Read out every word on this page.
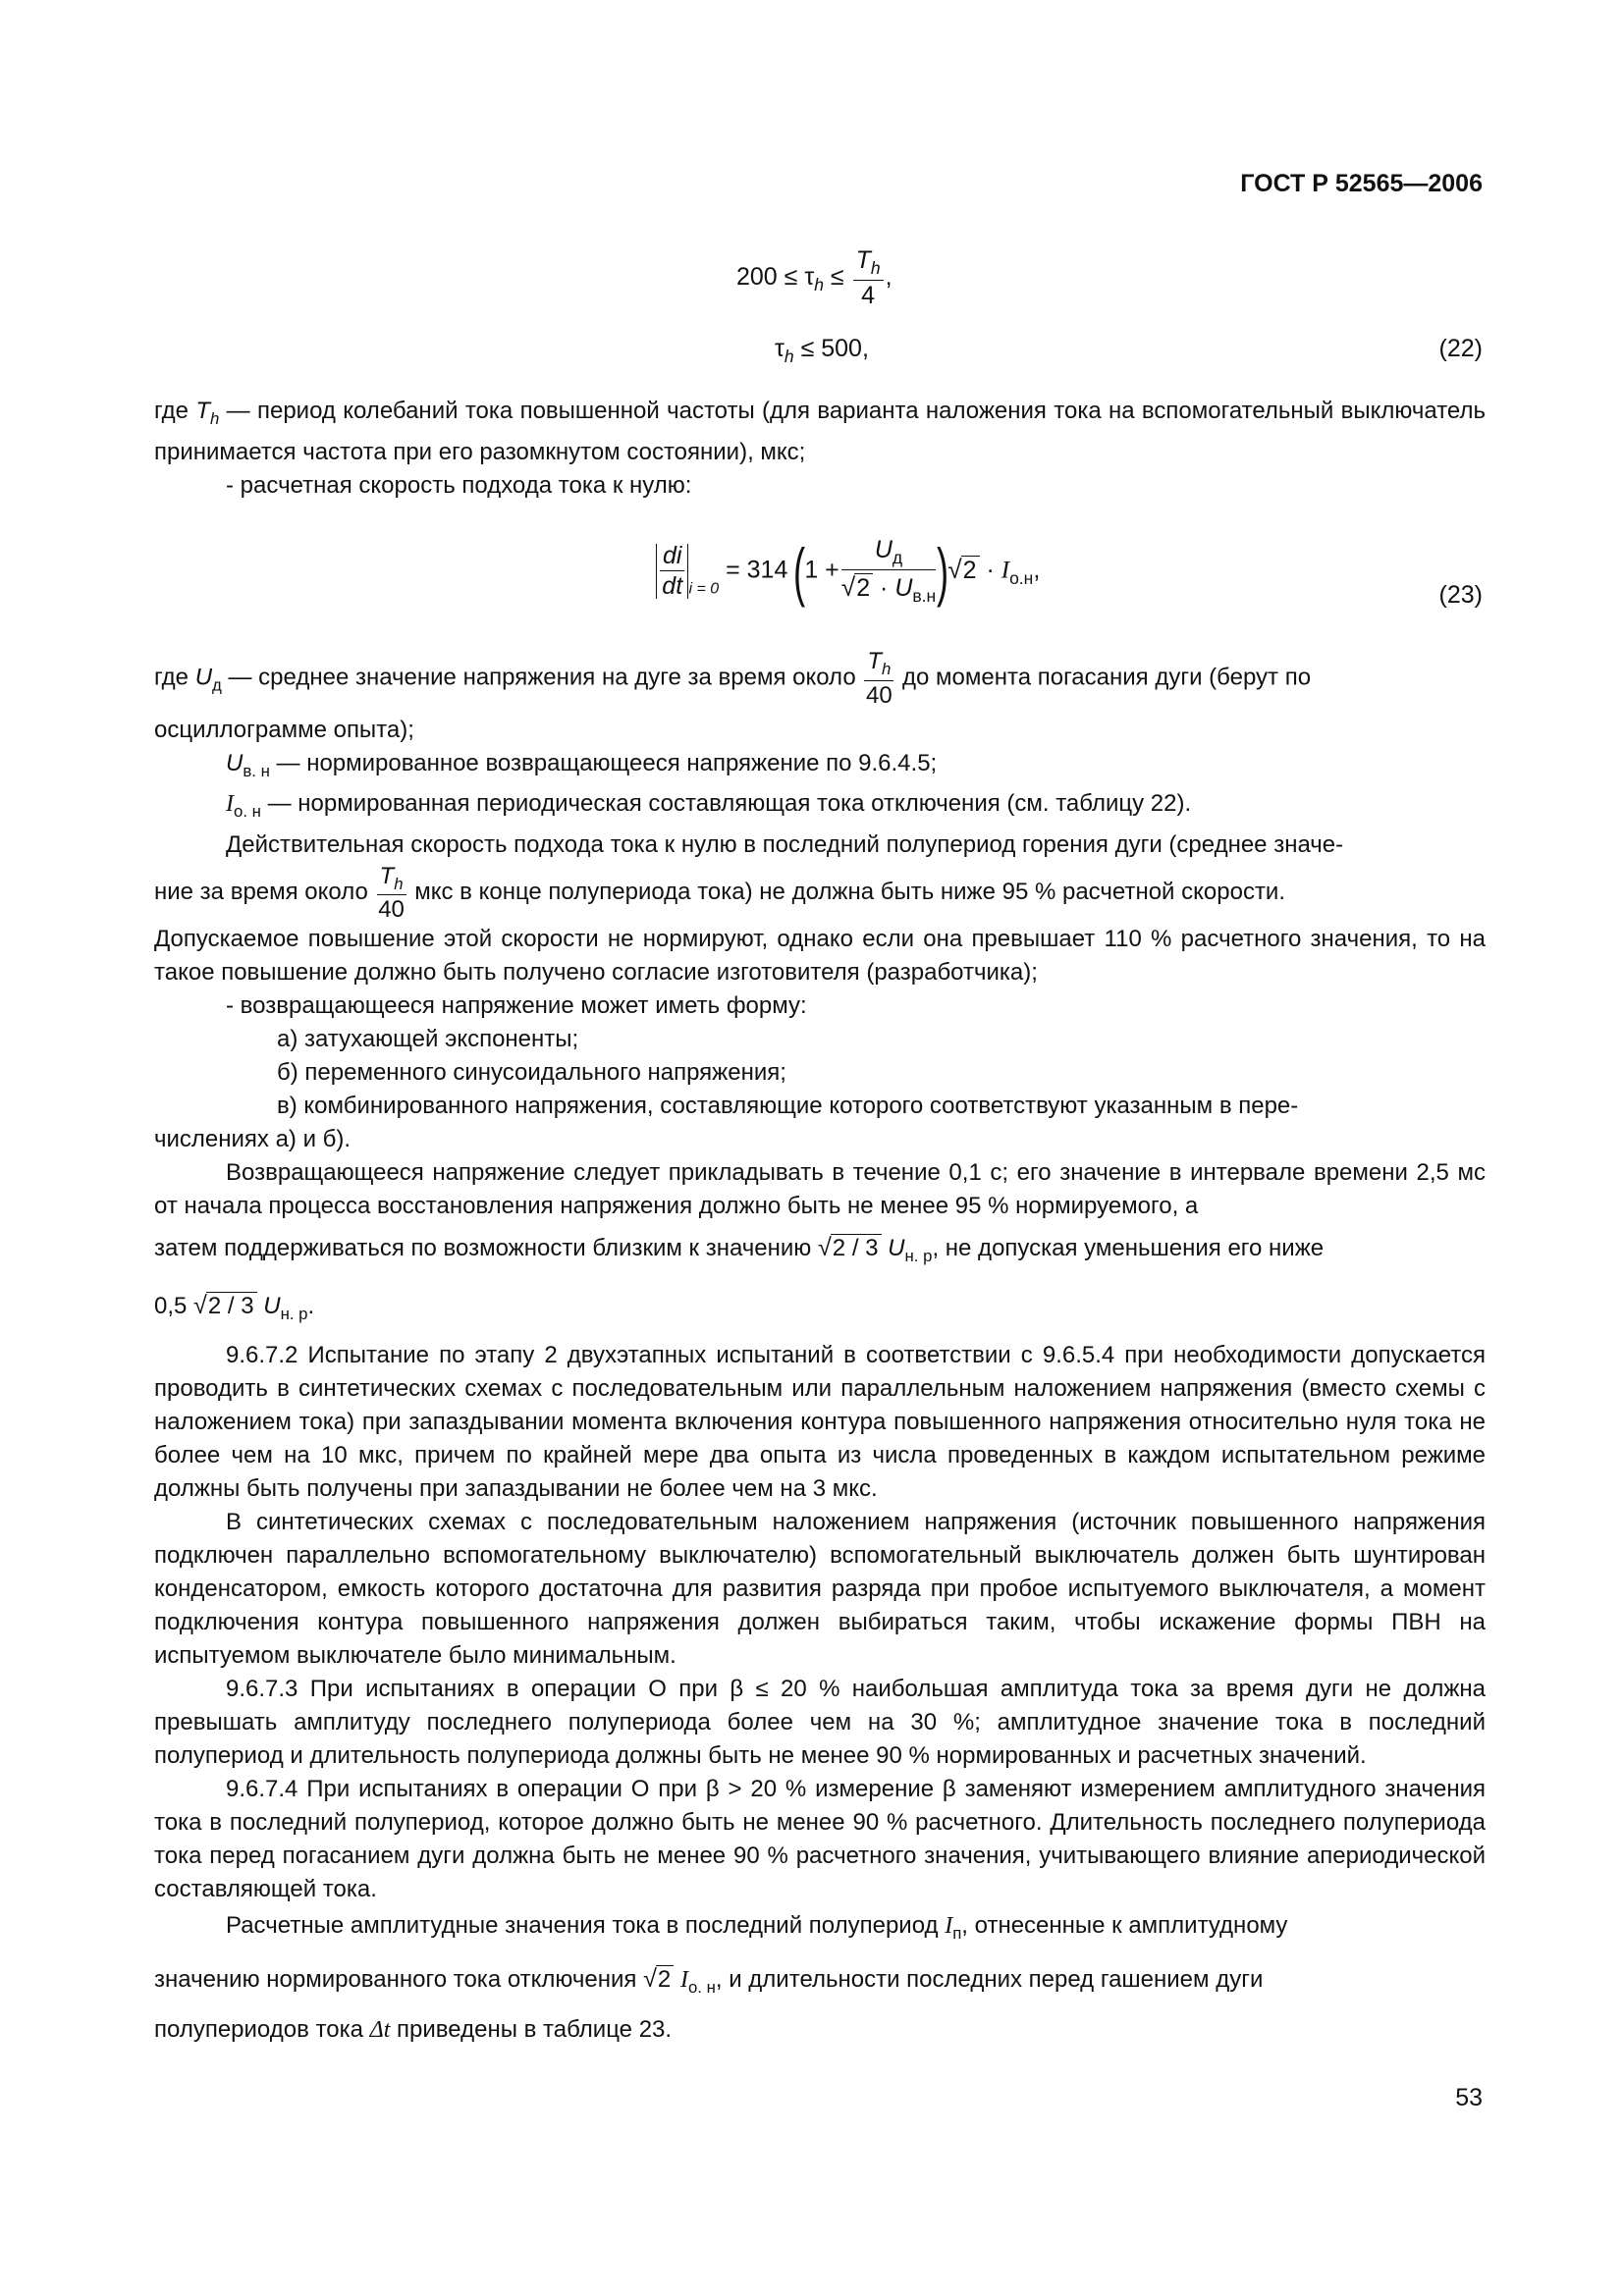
ГОСТ Р 52565—2006
$200 \le \tau_h \le \frac{T_h}{4}$ ,
$\tau_h \le 500$,	(22)

где $T_h$ — период колебаний тока повышенной частоты (для варианта наложения тока на вспомогательный выключатель принимается частота при его разомкнутом состоянии), мкс;

- расчетная скорость подхода тока к нулю:

$\frac{di}{dt} _{i = 0} = 314$ $(1 + \frac{U_д}{√2 \cdot U_{в.н}} )√2 \cdot I_{о.н}$,
(23)

где $U_д$ — среднее значение напряжения на дуге за время около $\frac{T_h}{40}$ до момента погасания дуги (берут по

осциллограмме опыта);

$U_{в. н}$ — нормированное возвращающееся напряжение по 9.6.4.5;

$I_{о. н}$ — нормированная периодическая составляющая тока отключения (см. таблицу 22).

Действительная скорость подхода тока к нулю в последний полупериод горения дуги (среднее значе-

ние за время около $\frac{T_h}{40}$ мкс в конце полупериода тока) не должна быть ниже 95 % расчетной скорости.

Допускаемое повышение этой скорости не нормируют, однако если она превышает 110 % расчетного значения, то на такое повышение должно быть получено согласие изготовителя (разработчика);

- возвращающееся напряжение может иметь форму:

а) затухающей экспоненты;

б) переменного синусоидального напряжения;

в) комбинированного напряжения, составляющие которого соответствуют указанным в пере-

числениях а) и б).

Возвращающееся напряжение следует прикладывать в течение 0,1 с; его значение в интервале времени 2,5 мс от начала процесса восстановления напряжения должно быть не менее 95 % нормируемого, а

затем поддерживаться по возможности близким к значению √2 / 3 $U_{н. р}$, не допуская уменьшения его ниже

0,5 √2 / 3 $U_{н. р}$.

9.6.7.2 Испытание по этапу 2 двухэтапных испытаний в соответствии с 9.6.5.4 при необходимости допускается проводить в синтетических схемах с последовательным или параллельным наложением напряжения (вместо схемы с наложением тока) при запаздывании момента включения контура повышенного напряжения относительно нуля тока не более чем на 10 мкс, причем по крайней мере два опыта из числа проведенных в каждом испытательном режиме должны быть получены при запаздывании не более чем на 3 мкс.

В синтетических схемах с последовательным наложением напряжения (источник повышенного напряжения подключен параллельно вспомогательному выключателю) вспомогательный выключатель должен быть шунтирован конденсатором, емкость которого достаточна для развития разряда при пробое испытуемого выключателя, а момент подключения контура повышенного напряжения должен выбираться таким, чтобы искажение формы ПВН на испытуемом выключателе было минимальным.

9.6.7.3 При испытаниях в операции О при β ≤ 20 % наибольшая амплитуда тока за время дуги не должна превышать амплитуду последнего полупериода более чем на 30 %; амплитудное значение тока в последний полупериод и длительность полупериода должны быть не менее 90 % нормированных и расчетных значений.

9.6.7.4 При испытаниях в операции О при β > 20 % измерение β заменяют измерением амплитудного значения тока в последний полупериод, которое должно быть не менее 90 % расчетного. Длительность последнего полупериода тока перед погасанием дуги должна быть не менее 90 % расчетного значения, учитывающего влияние апериодической составляющей тока.

Расчетные амплитудные значения тока в последний полупериод $I_п$, отнесенные к амплитудному

значению нормированного тока отключения √2 $I_{о. н}$, и длительности последних перед гашением дуги

полупериодов тока Δt приведены в таблице 23.

53
